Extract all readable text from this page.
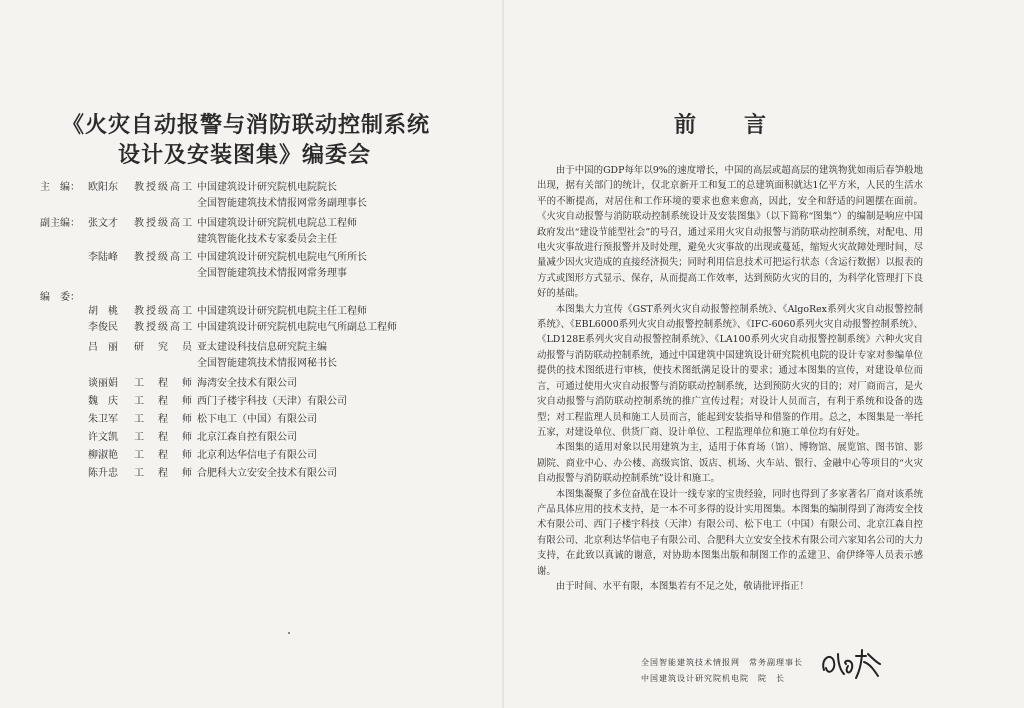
《火灾自动报警与消防联动控制系统
设计及安装图集》编委会
主　编： 欧阳东	教授级高工 中国建筑设计研究院机电院院长
全国智能建筑技术情报网常务副理事长
副主编： 张文才	教授级高工 中国建筑设计研究院机电院总工程师
建筑智能化技术专家委员会主任
李陆峰	教授级高工 中国建筑设计研究院机电院电气所所长
全国智能建筑技术情报网常务理事
编　委：
胡　桃	教授级高工 中国建筑设计研究院机电院主任工程师
李俊民	教授级高工 中国建筑设计研究院机电院电气所副总工程师
吕　丽	研　究　员 亚太建设科技信息研究院主编
全国智能建筑技术情报网秘书长
谈丽娟	工　程　师 海湾安全技术有限公司
魏　庆	工　程　师 西门子楼宇科技（天津）有限公司
朱卫军	工　程　师 松下电工（中国）有限公司
许文凯	工　程　师 北京江森自控有限公司
柳淑艳	工　程　师 北京利达华信电子有限公司
陈升忠	工　程　师 合肥科大立安安全技术有限公司
前言

由于中国的GDP每年以9%的速度增长，中国的高层或超高层的建筑物犹如雨后春笋般地出现，据有关部门的统计，仅北京新开工和复工的总建筑面积就达1亿平方米，人民的生活水平的不断提高，对居住和工作环境的要求也愈来愈高，因此，安全和舒适的问题摆在面前。《火灾自动报警与消防联动控制系统设计及安装图集》（以下简称“图集”）的编制是响应中国政府发出“建设节能型社会”的号召，通过采用火灾自动报警与消防联动控制系统，对配电、用电火灾事故进行预报警并及时处理，避免火灾事故的出现或蔓延，缩短火灾故障处理时间，尽量减少因火灾造成的直接经济损失；同时利用信息技术可把运行状态（含运行数据）以报表的方式或图形方式显示、保存，从而提高工作效率，达到预防火灾的目的，为科学化管理打下良好的基础。

本图集大力宣传《GST系列火灾自动报警控制系统》、《AlgoRex系列火灾自动报警控制系统》、《EBL6000系列火灾自动报警控制系统》、《IFC-6060系列火灾自动报警控制系统》、《LD128E系列火灾自动报警控制系统》、《LA100系列火灾自动报警控制系统》六种火灾自动报警与消防联动控制系统，通过中国建筑中国建筑设计研究院机电院的设计专家对参编单位提供的技术图纸进行审核，使技术图纸满足设计的要求；通过本图集的宣传，对建设单位而言，可通过使用火灾自动报警与消防联动控制系统，达到预防火灾的目的；对厂商而言，是火灾自动报警与消防联动控制系统的推广宣传过程；对设计人员而言，有利于系统和设备的选型；对工程监理人员和施工人员而言，能起到安装指导和借鉴的作用。总之，本图集是一举托五家，对建设单位、供货厂商、设计单位、工程监理单位和施工单位均有好处。

本图集的适用对象以民用建筑为主，适用于体育场（馆）、博物馆、展览馆、图书馆、影剧院、商业中心、办公楼、高级宾馆、饭店、机场、火车站、银行、金融中心等项目的“火灾自动报警与消防联动控制系统”设计和施工。

本图集凝聚了多位奋战在设计一线专家的宝贵经验，同时也得到了多家著名厂商对该系统产品具体应用的技术支持，是一本不可多得的设计实用图集。本图集的编制得到了海湾安全技术有限公司、西门子楼宇科技（天津）有限公司、松下电工（中国）有限公司、北京江森自控有限公司、北京利达华信电子有限公司、合肥科大立安安全技术有限公司六家知名公司的大力支持，在此致以真诚的谢意，对协助本图集出版和制图工作的孟建卫、俞伊绛等人员表示感谢。

由于时间、水平有限，本图集若有不足之处，敬请批评指正！

全国智能建筑技术情报网　常务副理事长
中国建筑设计研究院机电院　院　长
